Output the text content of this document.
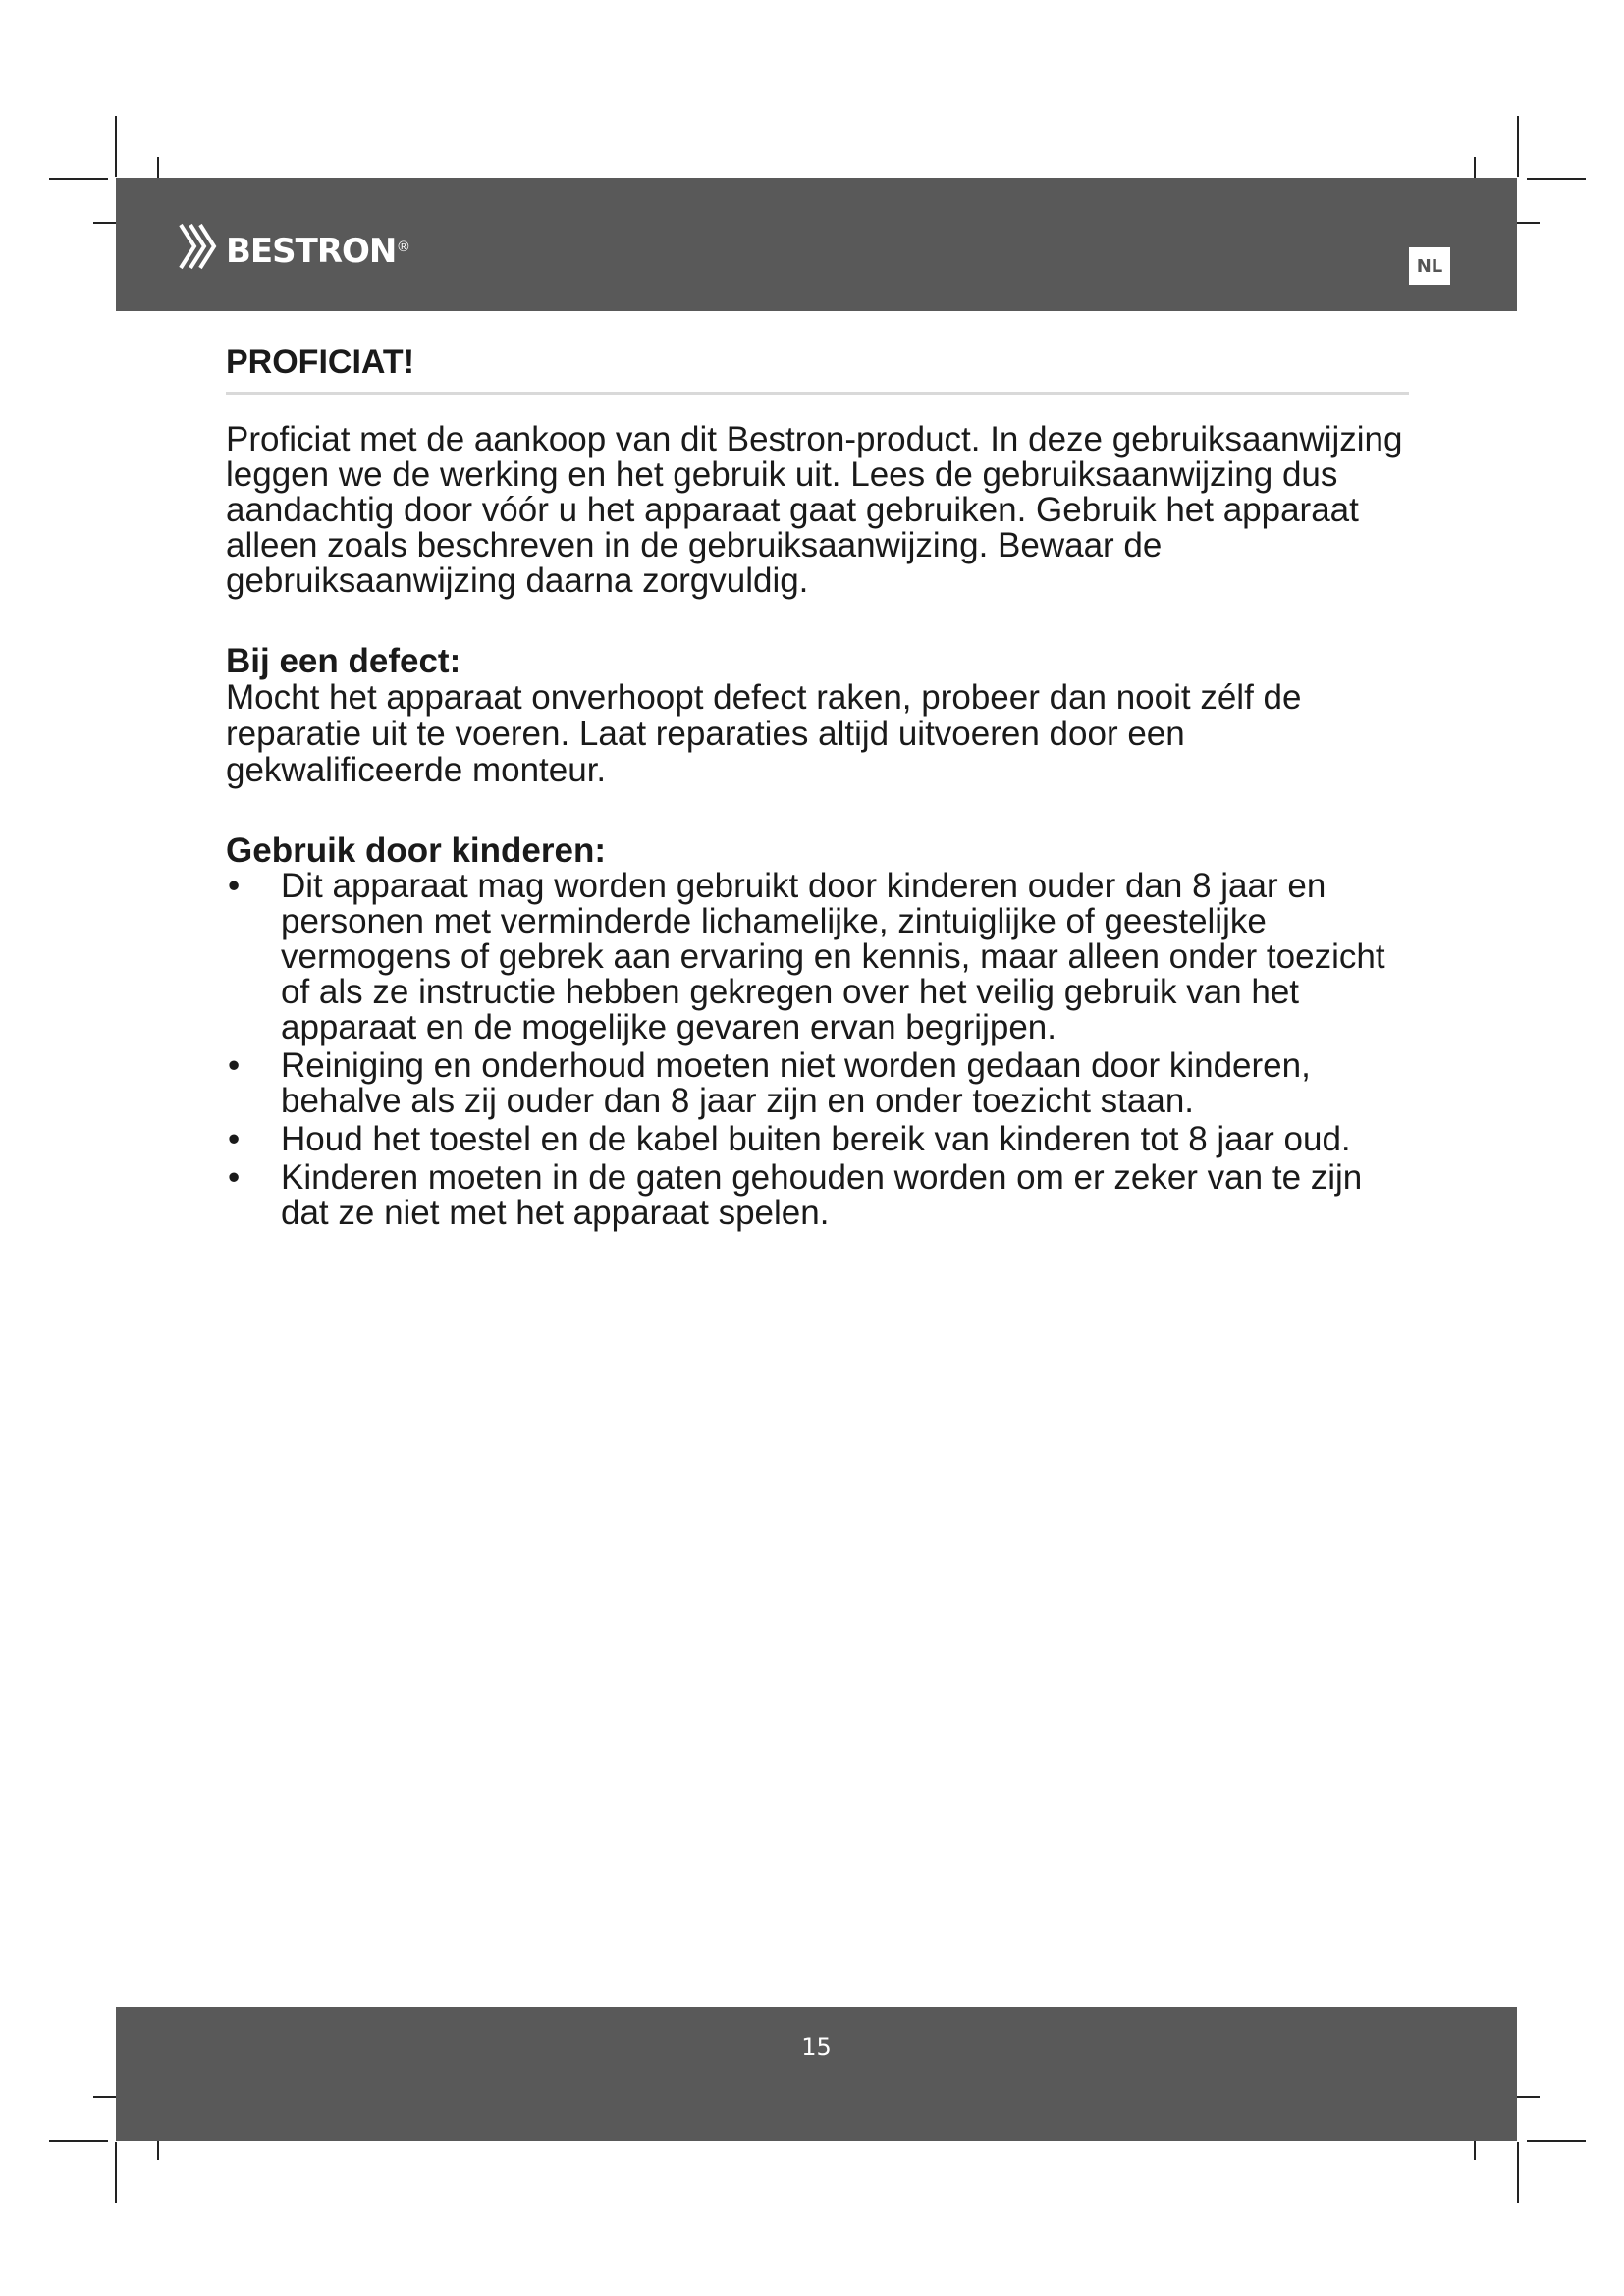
bestron ®
NL
PROFICIAT!

Proficiat met de aankoop van dit Bestron-product. In deze gebruiksaanwijzing leggen we de werking en het gebruik uit. Lees de gebruiksaanwijzing dus aandachtig door vóór u het apparaat gaat gebruiken. Gebruik het apparaat alleen zoals beschreven in de gebruiksaanwijzing. Bewaar de gebruiksaanwijzing daarna zorgvuldig.

Bij een defect:

Mocht het apparaat onverhoopt defect raken, probeer dan nooit zélf de reparatie uit te voeren. Laat reparaties altijd uitvoeren door een gekwalificeerde monteur.

Gebruik door kinderen:
• Dit apparaat mag worden gebruikt door kinderen ouder dan 8 jaar en personen met verminderde lichamelijke, zintuiglijke of geestelijke vermogens of gebrek aan ervaring en kennis, maar alleen onder toezicht of als ze instructie hebben gekregen over het veilig gebruik van het apparaat en de mogelijke gevaren ervan begrijpen.
• Reiniging en onderhoud moeten niet worden gedaan door kinderen, behalve als zij ouder dan 8 jaar zijn en onder toezicht staan.
• Houd het toestel en de kabel buiten bereik van kinderen tot 8 jaar oud.
• Kinderen moeten in de gaten gehouden worden om er zeker van te zijn dat ze niet met het apparaat spelen.
15
